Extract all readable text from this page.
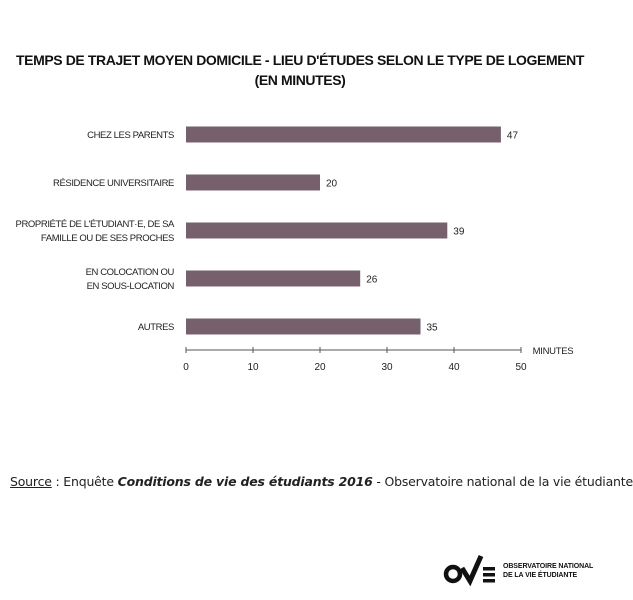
TEMPS DE TRAJET MOYEN DOMICILE - LIEU D'ÉTUDES SELON LE TYPE DE LOGEMENT
(EN MINUTES)
47
CHEZ LES PARENTS
20
RÉSIDENCE UNIVERSITAIRE
39
PROPRIÉTÉ DE L'ÉTUDIANT·E, DE SA
FAMILLE OU DE SES PROCHES
26
EN COLOCATION OU
EN SOUS-LOCATION
35
AUTRES
0	10	20	30	40	50
MINUTES
Source : Enquête Conditions de vie des étudiants 2016 - Observatoire national de la vie étudiante
OBSERVATOIRE NATIONAL
DE LA VIE ÉTUDIANTE
